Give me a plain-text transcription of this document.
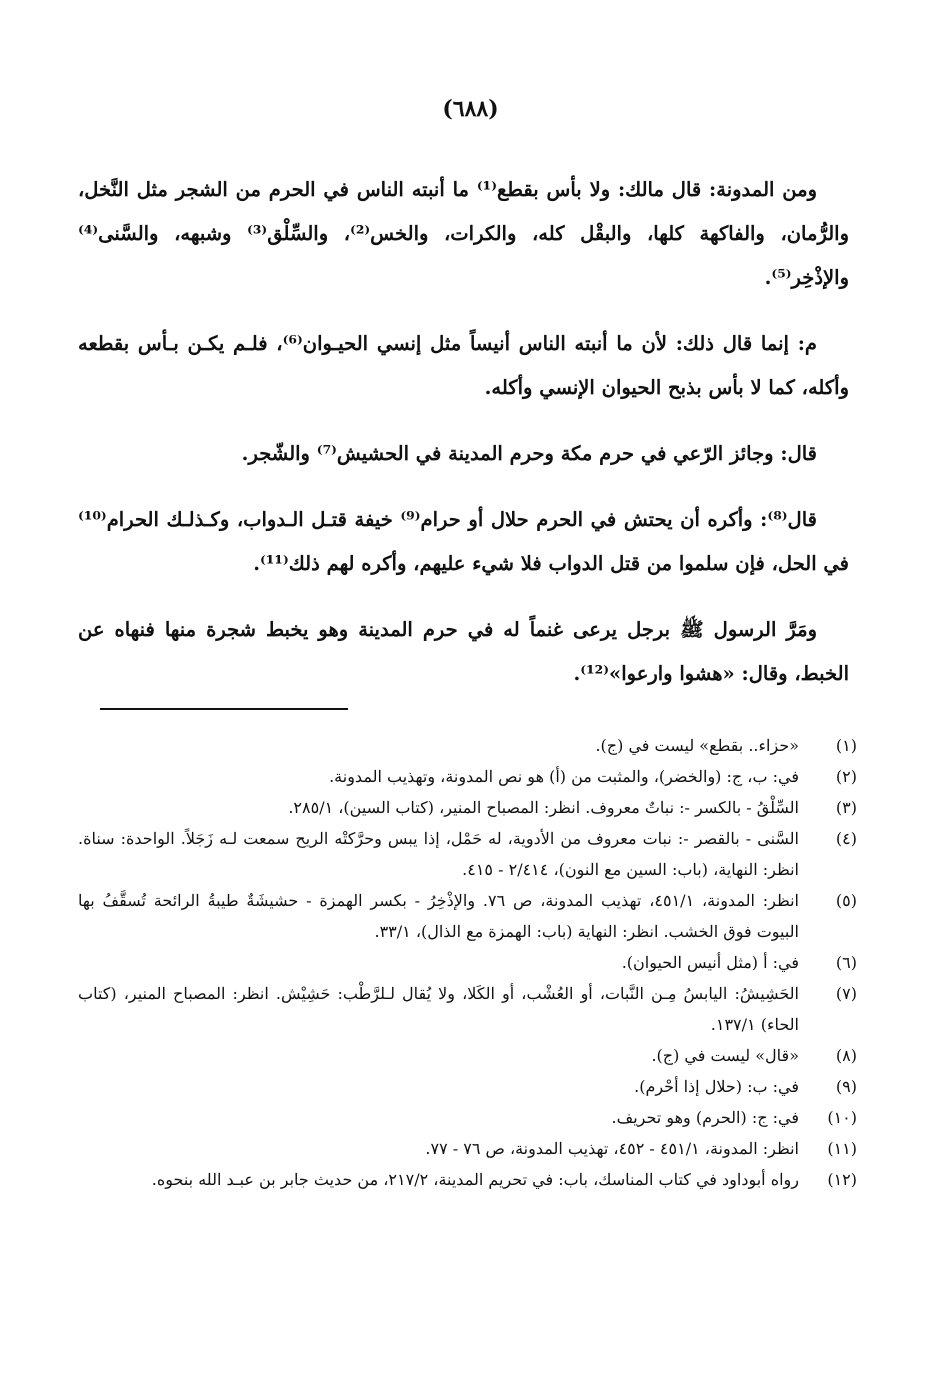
(٦٨٨)

ومن المدونة: قال مالك: ولا بأس بقطع⁽¹⁾ ما أنبته الناس في الحرم من الشجر مثل النَّخل، والرُّمان، والفاكهة كلها، والبقْل كله، والكرات، والخس⁽²⁾، والسِّلْق⁽³⁾ وشبهه، والسَّنى⁽⁴⁾ والإذْخِر⁽⁵⁾.

م: إنما قال ذلك: لأن ما أنبته الناس أنيساً مثل إنسي الحيـوان⁽⁶⁾، فلـم يكـن بـأس بقطعه وأكله، كما لا بأس بذبح الحيوان الإنسي وأكله.

قال: وجائز الرّعي في حرم مكة وحرم المدينة في الحشيش⁽⁷⁾ والشّجر.

قال⁽⁸⁾: وأكره أن يحتش في الحرم حلال أو حرام⁽⁹⁾ خيفة قتـل الـدواب، وكـذلـك الحرام⁽¹⁰⁾ في الحل، فإن سلموا من قتل الدواب فلا شيء عليهم، وأكره لهم ذلك⁽¹¹⁾.

ومَرَّ الرسول ﷺ برجل يرعى غنماً له في حرم المدينة وهو يخبط شجرة منها فنهاه عن الخبط، وقال: «هشوا وارعوا»⁽¹²⁾.

(١)
«حزاء.. بقطع» ليست في (ج).
(٢)
في: ب، ج: (والخضر)، والمثبت من (أ) هو نص المدونة، وتهذيب المدونة.
(٣)
السِّلْقُ - بالكسر -: نباتٌ معروف. انظر: المصباح المنير، (كتاب السين)، ٢٨٥/١.
(٤)
السَّنى - بالقصر -: نبات معروف من الأدوية، له حَمْل، إذا يبس وحرَّكتْه الريح سمعت لـه زَجَلاً. الواحدة: سناة. انظر: النهاية، (باب: السين مع النون)، ٢/٤١٤ - ٤١٥.
(٥)
انظر: المدونة، ٤٥١/١، تهذيب المدونة، ص ٧٦. والإذْخِرُ - بكسر الهمزة - حشيشَةٌ طيبةُ الرائحة تُسقَّفُ بها البيوت فوق الخشب. انظر: النهاية (باب: الهمزة مع الذال)، ٣٣/١.
(٦)
في: أ (مثل أنيس الحيوان).
(٧)
الحَشِيشُ: اليابسُ مِـن النَّبات، أو العُشْب، أو الكَلا، ولا يُقال لـلرَّطْب: حَشِيْش. انظر: المصباح المنير، (كتاب الحاء) ١٣٧/١.
(٨)
«قال» ليست في (ج).
(٩)
في: ب: (حلال إذا أحْرم).
(١٠)
في: ج: (الحرم) وهو تحريف.
(١١)
انظر: المدونة، ٤٥١/١ - ٤٥٢، تهذيب المدونة، ص ٧٦ - ٧٧.
(١٢)
رواه أبوداود في كتاب المناسك، باب: في تحريم المدينة، ٢١٧/٢، من حديث جابر بن عبـد الله بنحوه.
